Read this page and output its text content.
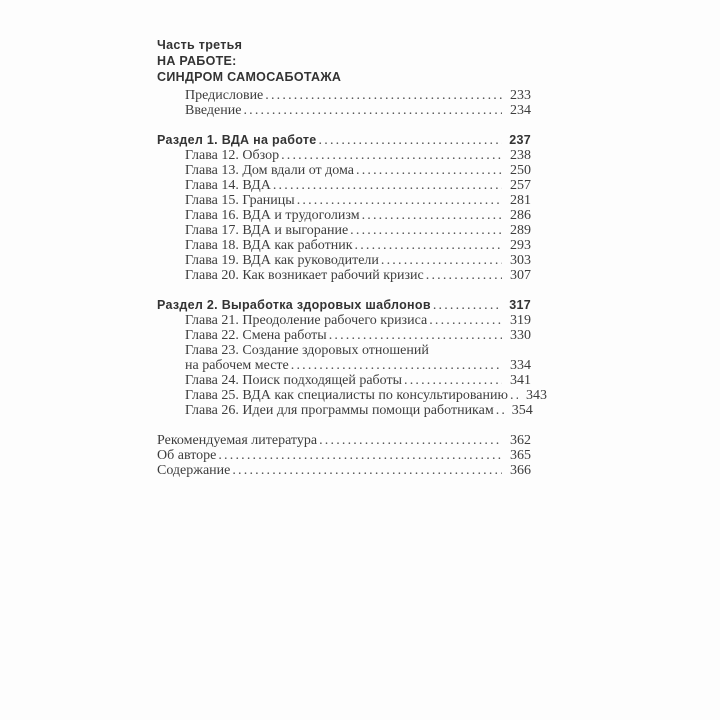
Часть третья
НА РАБОТЕ:
СИНДРОМ САМОСАБОТАЖА
Предисловие .....	233
Введение .....	234
Раздел 1. ВДА на работе .....	237
Глава 12. Обзор .....	238
Глава 13. Дом вдали от дома .....	250
Глава 14. ВДА .....	257
Глава 15. Границы .....	281
Глава 16. ВДА и трудоголизм .....	286
Глава 17. ВДА и выгорание .....	289
Глава 18. ВДА как работник .....	293
Глава 19. ВДА как руководители .....	303
Глава 20. Как возникает рабочий кризис .....	307
Раздел 2. Выработка здоровых шаблонов .....	317
Глава 21. Преодоление рабочего кризиса .....	319
Глава 22. Смена работы .....	330
Глава 23. Создание здоровых отношений
на рабочем месте .....	334
Глава 24. Поиск подходящей работы .....	341
Глава 25. ВДА как специалисты по консультированию ..... 343
Глава 26. Идеи для программы помощи работникам ..... 354
Рекомендуемая литература .....	362
Об авторе .....	365
Содержание .....	366
